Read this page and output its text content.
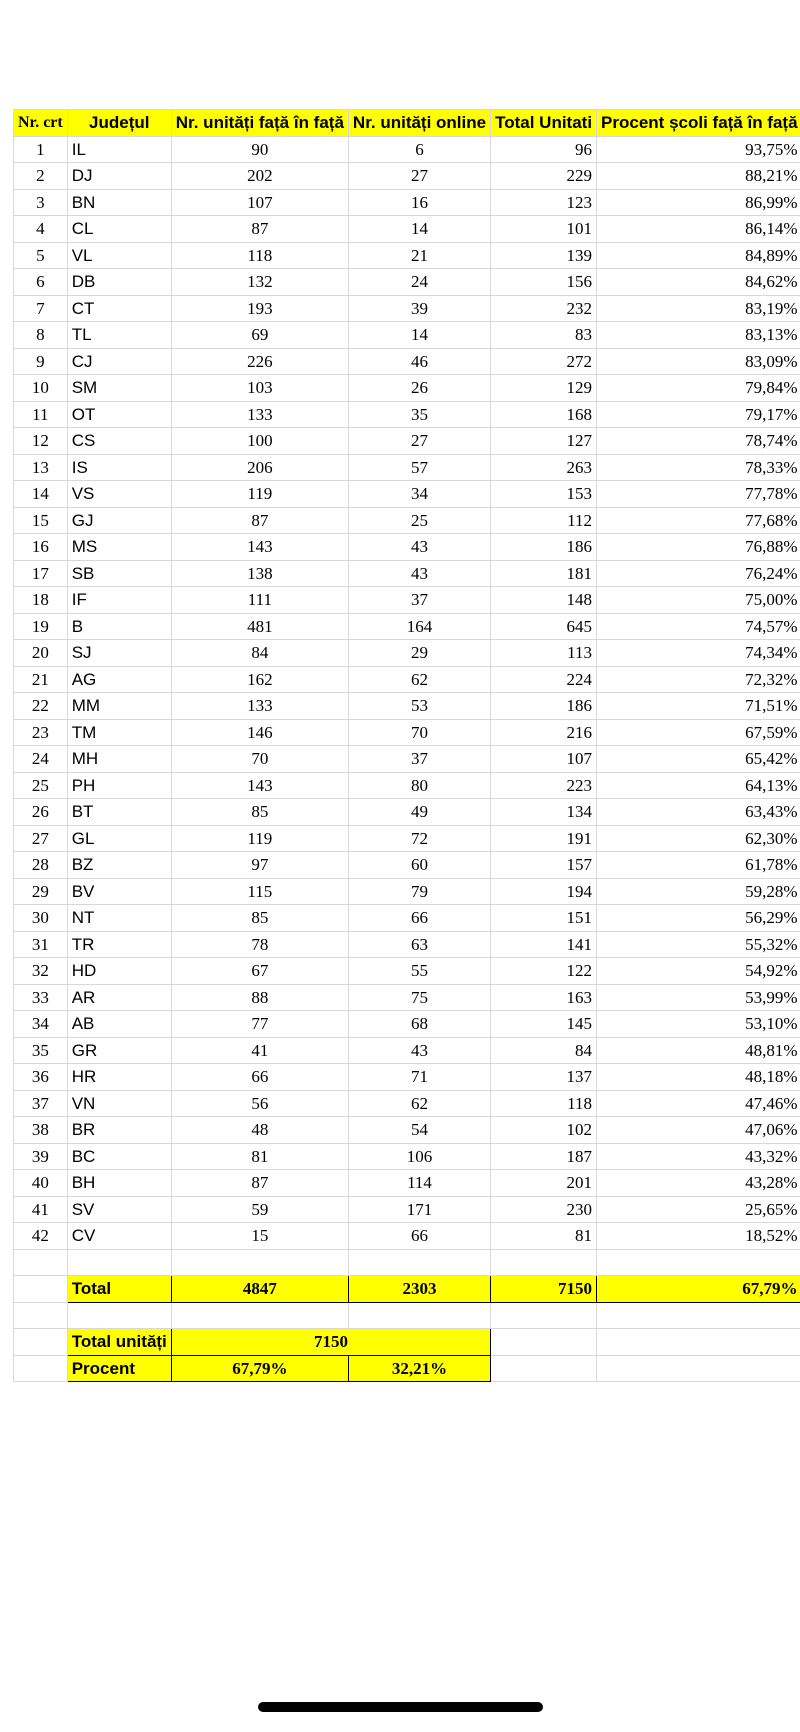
Nr. crt	Județul	Nr. unități față în față	Nr. unități online	Total Unitati	Procent școli față în față
1	IL	90	6	96	93,75%
2	DJ	202	27	229	88,21%
3	BN	107	16	123	86,99%
4	CL	87	14	101	86,14%
5	VL	118	21	139	84,89%
6	DB	132	24	156	84,62%
7	CT	193	39	232	83,19%
8	TL	69	14	83	83,13%
9	CJ	226	46	272	83,09%
10	SM	103	26	129	79,84%
11	OT	133	35	168	79,17%
12	CS	100	27	127	78,74%
13	IS	206	57	263	78,33%
14	VS	119	34	153	77,78%
15	GJ	87	25	112	77,68%
16	MS	143	43	186	76,88%
17	SB	138	43	181	76,24%
18	IF	111	37	148	75,00%
19	B	481	164	645	74,57%
20	SJ	84	29	113	74,34%
21	AG	162	62	224	72,32%
22	MM	133	53	186	71,51%
23	TM	146	70	216	67,59%
24	MH	70	37	107	65,42%
25	PH	143	80	223	64,13%
26	BT	85	49	134	63,43%
27	GL	119	72	191	62,30%
28	BZ	97	60	157	61,78%
29	BV	115	79	194	59,28%
30	NT	85	66	151	56,29%
31	TR	78	63	141	55,32%
32	HD	67	55	122	54,92%
33	AR	88	75	163	53,99%
34	AB	77	68	145	53,10%
35	GR	41	43	84	48,81%
36	HR	66	71	137	48,18%
37	VN	56	62	118	47,46%
38	BR	48	54	102	47,06%
39	BC	81	106	187	43,32%
40	BH	87	114	201	43,28%
41	SV	59	171	230	25,65%
42	CV	15	66	81	18,52%

	Total	4847	2303	7150	67,79%

	Total unități	7150			
	Procent	67,79%	32,21%		
